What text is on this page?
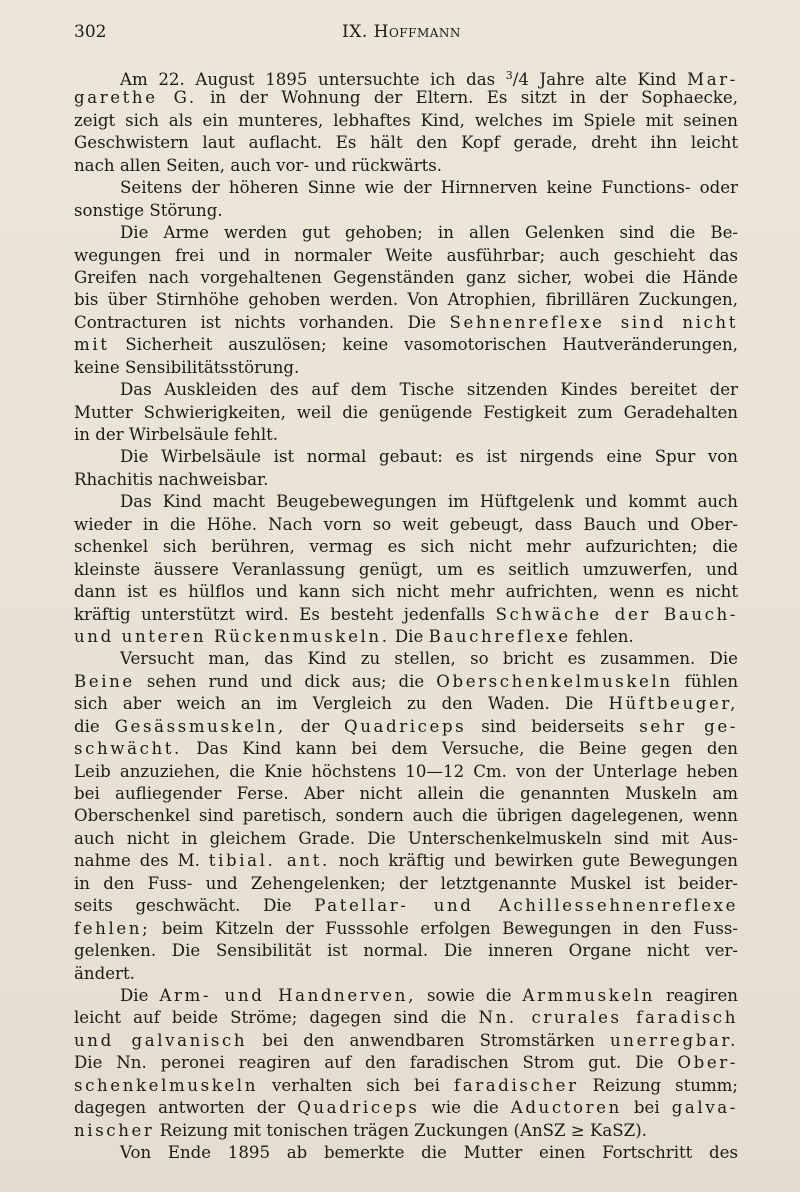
302	IX. Hoffmann
Am 22. August 1895 untersuchte ich das $^3$/4 Jahre alte Kind Mar-
garethe G. in der Wohnung der Eltern. Es sitzt in der Sophaecke,
zeigt sich als ein munteres, lebhaftes Kind, welches im Spiele mit seinen
Geschwistern laut auflacht. Es hält den Kopf gerade, dreht ihn leicht
nach allen Seiten, auch vor- und rückwärts.
Seitens der höheren Sinne wie der Hirnnerven keine Functions- oder
sonstige Störung.
Die Arme werden gut gehoben; in allen Gelenken sind die Be-
wegungen frei und in normaler Weite ausführbar; auch geschieht das
Greifen nach vorgehaltenen Gegenständen ganz sicher, wobei die Hände
bis über Stirnhöhe gehoben werden. Von Atrophien, fibrillären Zuckungen,
Contracturen ist nichts vorhanden. Die Sehnenreflexe sind nicht
mit Sicherheit auszulösen; keine vasomotorischen Hautveränderungen,
keine Sensibilitätsstörung.
Das Auskleiden des auf dem Tische sitzenden Kindes bereitet der
Mutter Schwierigkeiten, weil die genügende Festigkeit zum Geradehalten
in der Wirbelsäule fehlt.
Die Wirbelsäule ist normal gebaut: es ist nirgends eine Spur von
Rhachitis nachweisbar.
Das Kind macht Beugebewegungen im Hüftgelenk und kommt auch
wieder in die Höhe. Nach vorn so weit gebeugt, dass Bauch und Ober-
schenkel sich berühren, vermag es sich nicht mehr aufzurichten; die
kleinste äussere Veranlassung genügt, um es seitlich umzuwerfen, und
dann ist es hülflos und kann sich nicht mehr aufrichten, wenn es nicht
kräftig unterstützt wird. Es besteht jedenfalls Schwäche der Bauch-
und unteren Rückenmuskeln. Die Bauchreflexe fehlen.
Versucht man, das Kind zu stellen, so bricht es zusammen. Die
Beine sehen rund und dick aus; die Oberschenkelmuskeln fühlen
sich aber weich an im Vergleich zu den Waden. Die Hüftbeuger,
die Gesässmuskeln, der Quadriceps sind beiderseits sehr ge-
schwächt. Das Kind kann bei dem Versuche, die Beine gegen den
Leib anzuziehen, die Knie höchstens 10—12 Cm. von der Unterlage heben
bei aufliegender Ferse. Aber nicht allein die genannten Muskeln am
Oberschenkel sind paretisch, sondern auch die übrigen dagelegenen, wenn
auch nicht in gleichem Grade. Die Unterschenkelmuskeln sind mit Aus-
nahme des M. tibial. ant. noch kräftig und bewirken gute Bewegungen
in den Fuss- und Zehengelenken; der letztgenannte Muskel ist beider-
seits geschwächt. Die Patellar- und Achillessehnenreflexe
fehlen; beim Kitzeln der Fusssohle erfolgen Bewegungen in den Fuss-
gelenken. Die Sensibilität ist normal. Die inneren Organe nicht ver-
ändert.
Die Arm- und Handnerven, sowie die Armmuskeln reagiren
leicht auf beide Ströme; dagegen sind die Nn. crurales faradisch
und galvanisch bei den anwendbaren Stromstärken unerregbar.
Die Nn. peronei reagiren auf den faradischen Strom gut. Die Ober-
schenkelmuskeln verhalten sich bei faradischer Reizung stumm;
dagegen antworten der Quadriceps wie die Aductoren bei galva-
nischer Reizung mit tonischen trägen Zuckungen (AnSZ ≥ KaSZ).
Von Ende 1895 ab bemerkte die Mutter einen Fortschritt des
